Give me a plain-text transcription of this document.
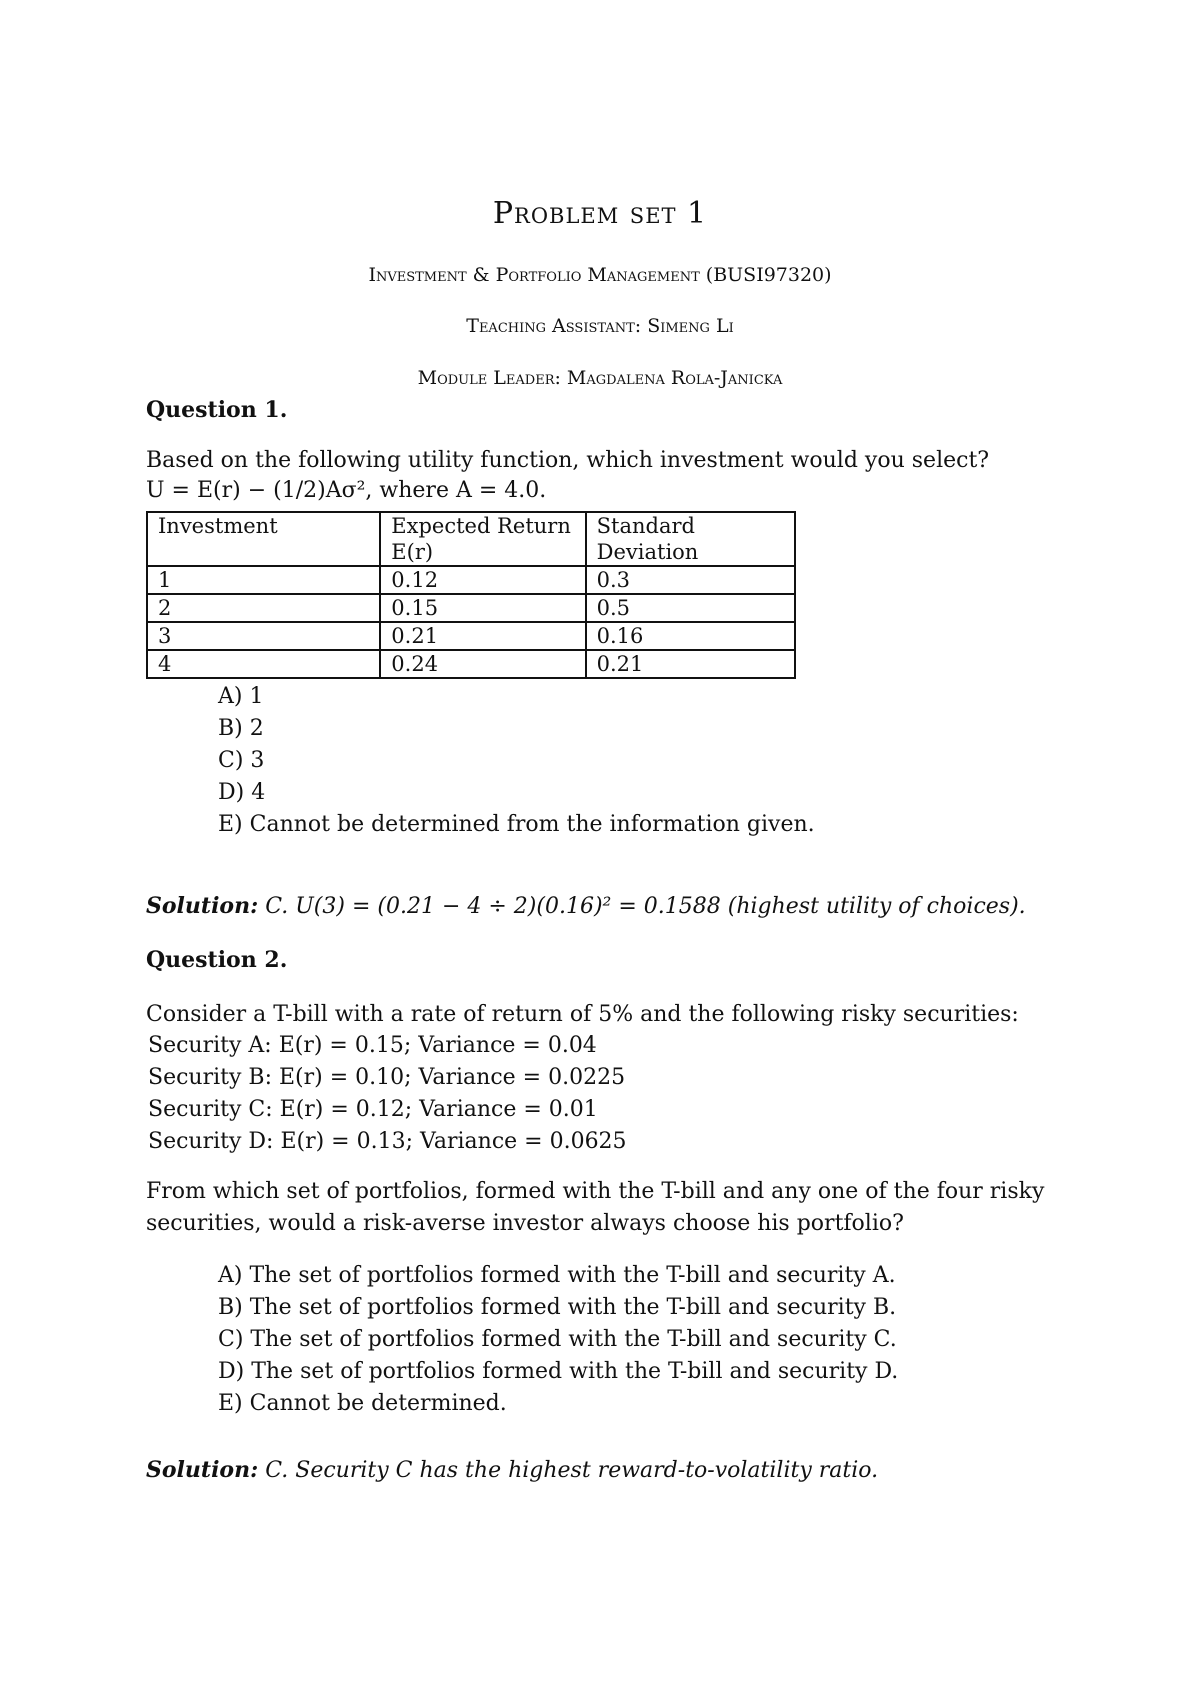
Problem set 1
Investment & Portfolio Management (BUSI97320)
Teaching Assistant: Simeng Li
Module Leader: Magdalena Rola-Janicka
Question 1.
Based on the following utility function, which investment would you select?
U = E(r) − (1/2)Aσ², where A = 4.0.
Investment	Expected Return E(r)	Standard Deviation
1	0.12	0.3
2	0.15	0.5
3	0.21	0.16
4	0.24	0.21
A) 1
B) 2
C) 3
D) 4
E) Cannot be determined from the information given.
Solution: C. U(3) = (0.21 − 4 ÷ 2)(0.16)² = 0.1588 (highest utility of choices).
Question 2.
Consider a T-bill with a rate of return of 5% and the following risky securities:
Security A: E(r) = 0.15; Variance = 0.04
Security B: E(r) = 0.10; Variance = 0.0225
Security C: E(r) = 0.12; Variance = 0.01
Security D: E(r) = 0.13; Variance = 0.0625
From which set of portfolios, formed with the T-bill and any one of the four risky
securities, would a risk-averse investor always choose his portfolio?
A) The set of portfolios formed with the T-bill and security A.
B) The set of portfolios formed with the T-bill and security B.
C) The set of portfolios formed with the T-bill and security C.
D) The set of portfolios formed with the T-bill and security D.
E) Cannot be determined.
Solution: C. Security C has the highest reward-to-volatility ratio.
